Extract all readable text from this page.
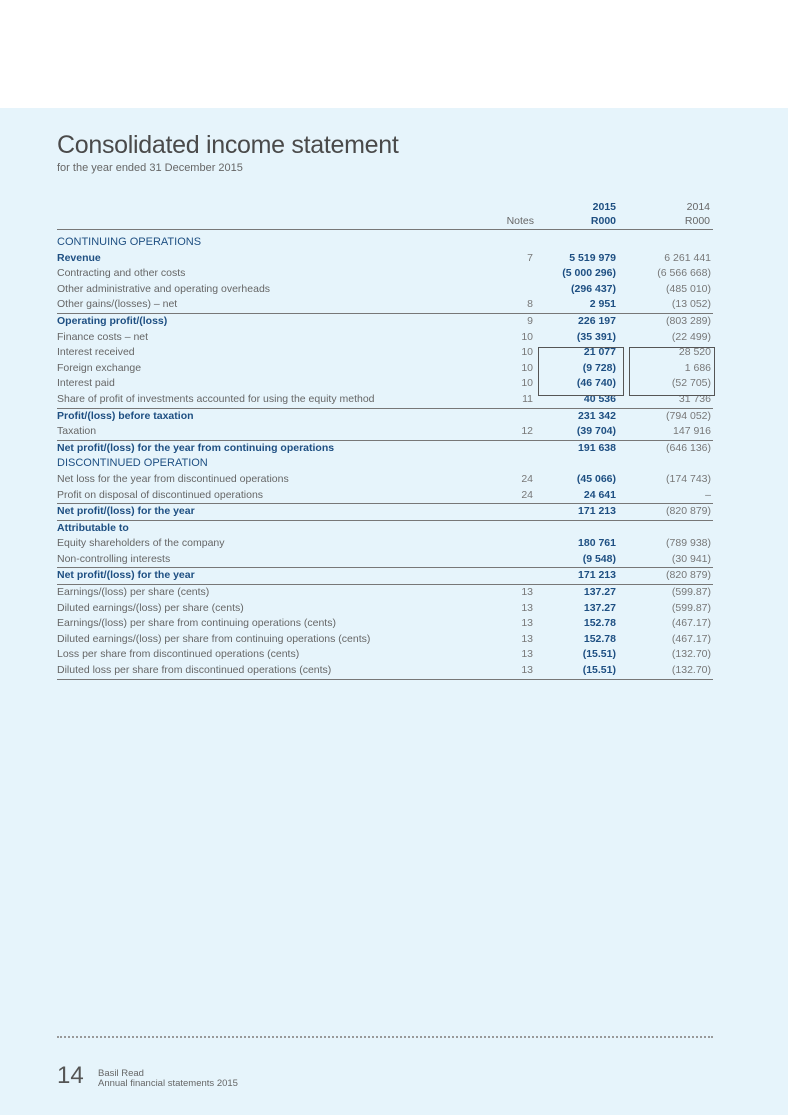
Consolidated income statement
for the year ended 31 December 2015
Notes
2015
R000
2014
R000
CONTINUING OPERATIONS
Revenue	7	5 519 979	6 261 441
Contracting and other costs	(5 000 296)	(6 566 668)
Other administrative and operating overheads	(296 437)	(485 010)
Other gains/(losses) – net	8	2 951	(13 052)
Operating profit/(loss)	9	226 197	(803 289)
Finance costs – net	10	(35 391)	(22 499)
Interest received	10	21 077	28 520
Foreign exchange	10	(9 728)	1 686
Interest paid	10	(46 740)	(52 705)
Share of profit of investments accounted for using the equity method	11	40 536	31 736
Profit/(loss) before taxation	231 342	(794 052)
Taxation	12	(39 704)	147 916
Net profit/(loss) for the year from continuing operations	191 638	(646 136)
DISCONTINUED OPERATION
Net loss for the year from discontinued operations	24	(45 066)	(174 743)
Profit on disposal of discontinued operations	24	24 641	–
Net profit/(loss) for the year	171 213	(820 879)
Attributable to
Equity shareholders of the company	180 761	(789 938)
Non-controlling interests	(9 548)	(30 941)
Net profit/(loss) for the year	171 213	(820 879)
Earnings/(loss) per share (cents)	13	137.27	(599.87)
Diluted earnings/(loss) per share (cents)	13	137.27	(599.87)
Earnings/(loss) per share from continuing operations (cents)	13	152.78	(467.17)
Diluted earnings/(loss) per share from continuing operations (cents)	13	152.78	(467.17)
Loss per share from discontinued operations (cents)	13	(15.51)	(132.70)
Diluted loss per share from discontinued operations (cents)	13	(15.51)	(132.70)
14 Basil Read
Annual financial statements 2015
